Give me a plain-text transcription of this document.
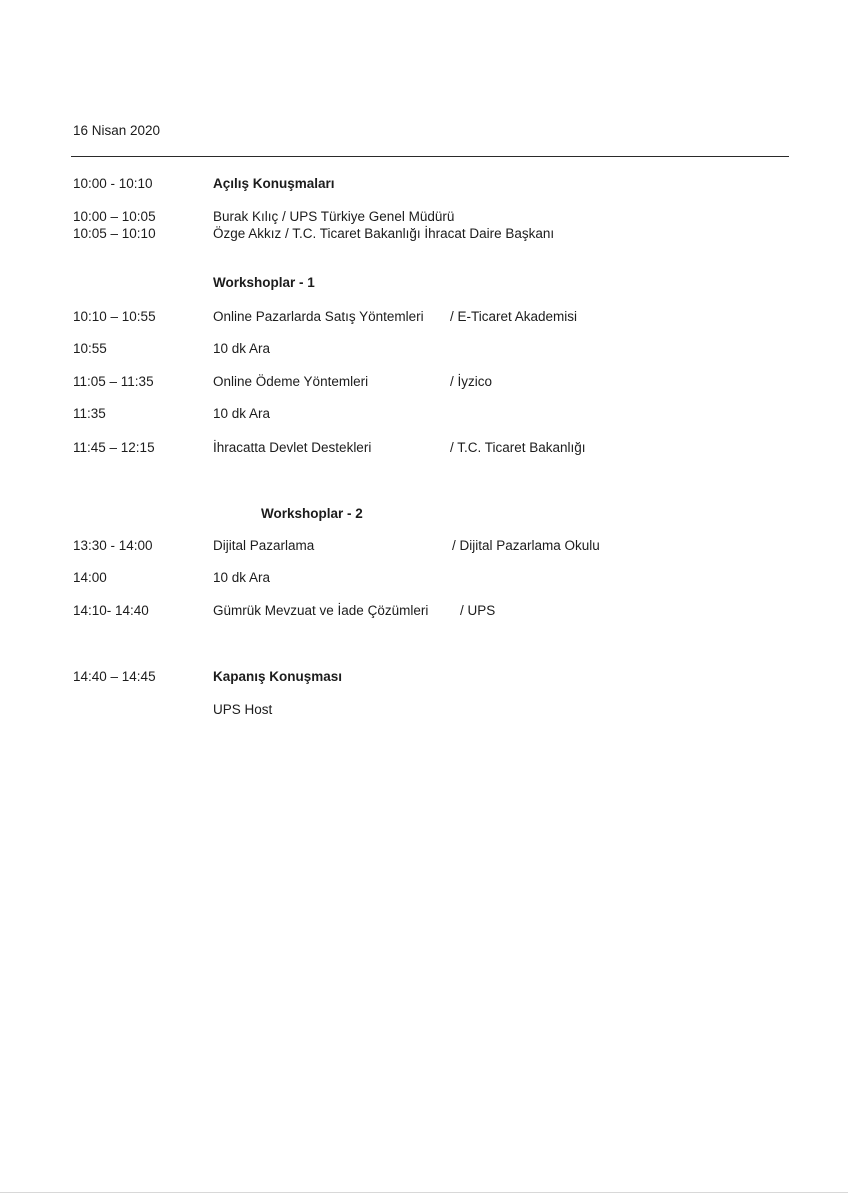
16 Nisan 2020
10:00 - 10:10	Açılış Konuşmaları
10:00 – 10:05	Burak Kılıç / UPS Türkiye Genel Müdürü
10:05 – 10:10	Özge Akkız / T.C. Ticaret Bakanlığı İhracat Daire Başkanı
Workshoplar - 1
10:10 – 10:55	Online Pazarlarda Satış Yöntemleri / E-Ticaret Akademisi
10:55	10 dk Ara
11:05 – 11:35	Online Ödeme Yöntemleri	/ İyzico
11:35	10 dk Ara
11:45 – 12:15	İhracatta Devlet Destekleri	/ T.C. Ticaret Bakanlığı
Workshoplar - 2
13:30 - 14:00	Dijital Pazarlama	/ Dijital Pazarlama Okulu
14:00	10 dk Ara
14:10- 14:40	Gümrük Mevzuat ve İade Çözümleri / UPS
14:40 – 14:45	Kapanış Konuşması
UPS Host
